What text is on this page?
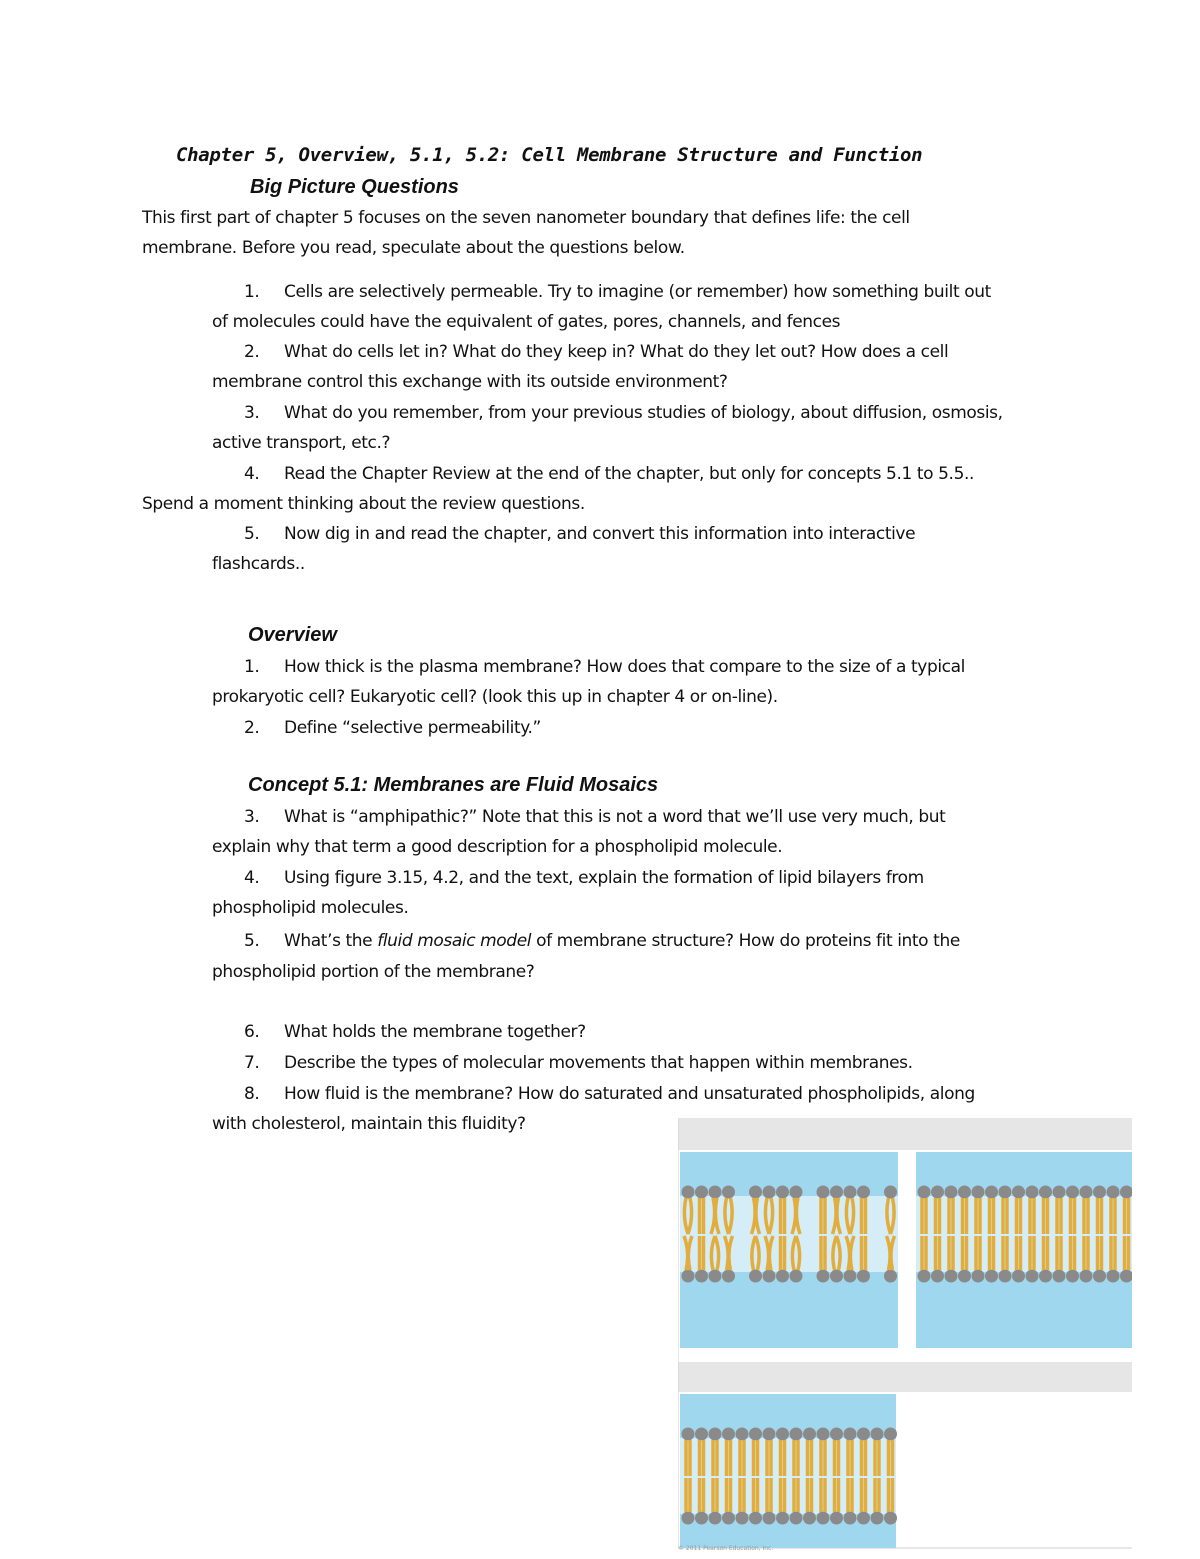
Chapter 5, Overview, 5.1, 5.2: Cell Membrane Structure and Function
Big Picture Questions
This first part of chapter 5 focuses on the seven nanometer boundary that defines life: the cell
membrane. Before you read, speculate about the questions below.
1. Cells are selectively permeable. Try to imagine (or remember) how something built out
of molecules could have the equivalent of gates, pores, channels, and fences
2. What do cells let in? What do they keep in? What do they let out? How does a cell
membrane control this exchange with its outside environment?
3. What do you remember, from your previous studies of biology, about diffusion, osmosis,
active transport, etc.?
4. Read the Chapter Review at the end of the chapter, but only for concepts 5.1 to 5.5..
Spend a moment thinking about the review questions.
5. Now dig in and read the chapter, and convert this information into interactive
flashcards..
Overview
1. How thick is the plasma membrane? How does that compare to the size of a typical
prokaryotic cell? Eukaryotic cell? (look this up in chapter 4 or on-line).
2. Define “selective permeability.”
Concept 5.1: Membranes are Fluid Mosaics
3. What is “amphipathic?” Note that this is not a word that we’ll use very much, but
explain why that term a good description for a phospholipid molecule.
4. Using figure 3.15, 4.2, and the text, explain the formation of lipid bilayers from
phospholipid molecules.
5. What’s the fluid mosaic model of membrane structure? How do proteins fit into the
phospholipid portion of the membrane?
6. What holds the membrane together?
7. Describe the types of molecular movements that happen within membranes.
8. How fluid is the membrane? How do saturated and unsaturated phospholipids, along
with cholesterol, maintain this fluidity?
© 2011 Pearson Education, Inc.
